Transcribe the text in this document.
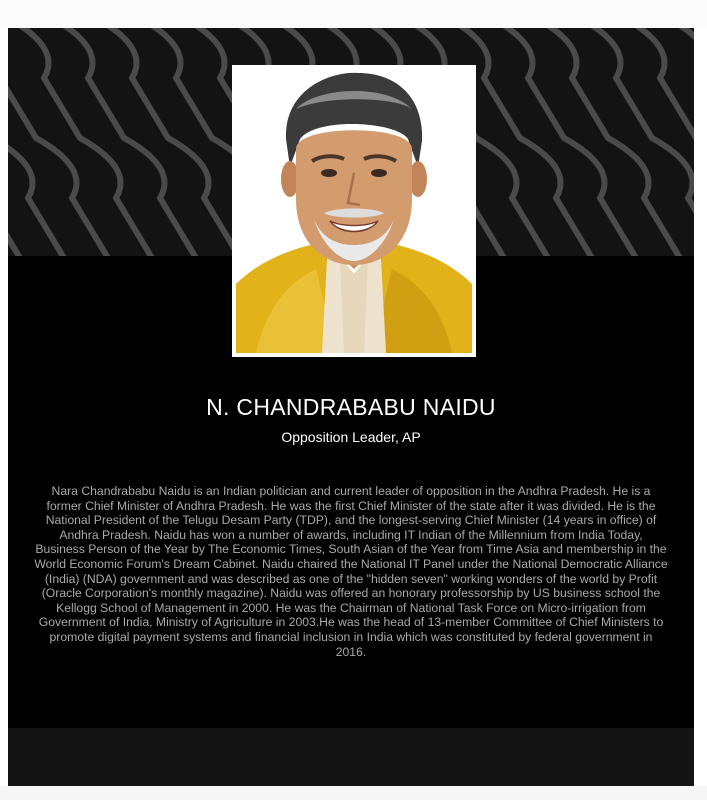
N. CHANDRABABU NAIDU
Opposition Leader, AP
Nara Chandrababu Naidu is an Indian politician and current leader of opposition in the Andhra Pradesh. He is a former Chief Minister of Andhra Pradesh. He was the first Chief Minister of the state after it was divided. He is the National President of the Telugu Desam Party (TDP), and the longest-serving Chief Minister (14 years in office) of Andhra Pradesh. Naidu has won a number of awards, including IT Indian of the Millennium from India Today, Business Person of the Year by The Economic Times, South Asian of the Year from Time Asia and membership in the World Economic Forum's Dream Cabinet. Naidu chaired the National IT Panel under the National Democratic Alliance (India) (NDA) government and was described as one of the "hidden seven" working wonders of the world by Profit (Oracle Corporation's monthly magazine). Naidu was offered an honorary professorship by US business school the Kellogg School of Management in 2000. He was the Chairman of National Task Force on Micro-irrigation from Government of India, Ministry of Agriculture in 2003.He was the head of 13-member Committee of Chief Ministers to promote digital payment systems and financial inclusion in India which was constituted by federal government in 2016.
